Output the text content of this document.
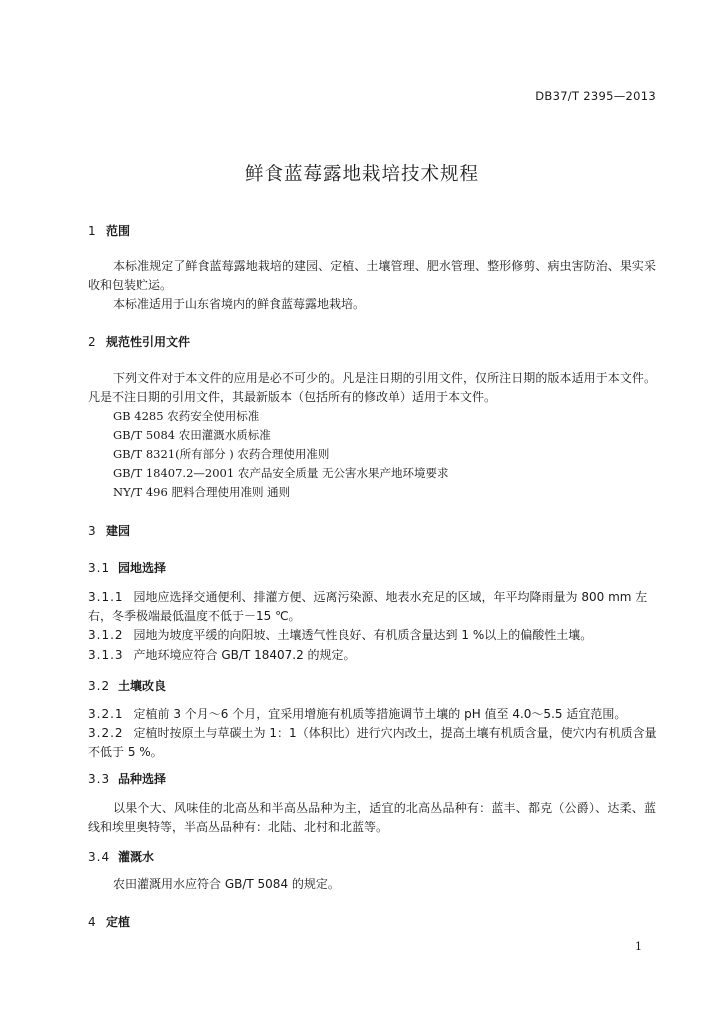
DB37/T 2395—2013
鲜食蓝莓露地栽培技术规程
1 范围
本标准规定了鲜食蓝莓露地栽培的建园、定植、土壤管理、肥水管理、整形修剪、病虫害防治、果实采收和包装贮运。
本标准适用于山东省境内的鲜食蓝莓露地栽培。
2 规范性引用文件
下列文件对于本文件的应用是必不可少的。凡是注日期的引用文件，仅所注日期的版本适用于本文件。凡是不注日期的引用文件，其最新版本（包括所有的修改单）适用于本文件。
GB 4285 农药安全使用标准
GB/T 5084 农田灌溉水质标准
GB/T 8321(所有部分 ) 农药合理使用准则
GB/T 18407.2—2001 农产品安全质量 无公害水果产地环境要求
NY/T 496 肥料合理使用准则 通则
3 建园
3.1 园地选择
3.1.1 园地应选择交通便利、排灌方便、远离污染源、地表水充足的区域，年平均降雨量为 800 mm 左右，冬季极端最低温度不低于－15 ℃。
3.1.2 园地为坡度平缓的向阳坡、土壤透气性良好、有机质含量达到 1 %以上的偏酸性土壤。
3.1.3 产地环境应符合 GB/T 18407.2 的规定。
3.2 土壤改良
3.2.1 定植前 3 个月～6 个月，宜采用增施有机质等措施调节土壤的 pH 值至 4.0～5.5 适宜范围。
3.2.2 定植时按原土与草碳土为 1：1（体积比）进行穴内改土，提高土壤有机质含量，使穴内有机质含量不低于 5 %。
3.3 品种选择
以果个大、风味佳的北高丛和半高丛品种为主，适宜的北高丛品种有：蓝丰、都克（公爵）、达柔、蓝线和埃里奥特等，半高丛品种有：北陆、北村和北蓝等。
3.4 灌溉水
农田灌溉用水应符合 GB/T 5084 的规定。
4 定植
1
